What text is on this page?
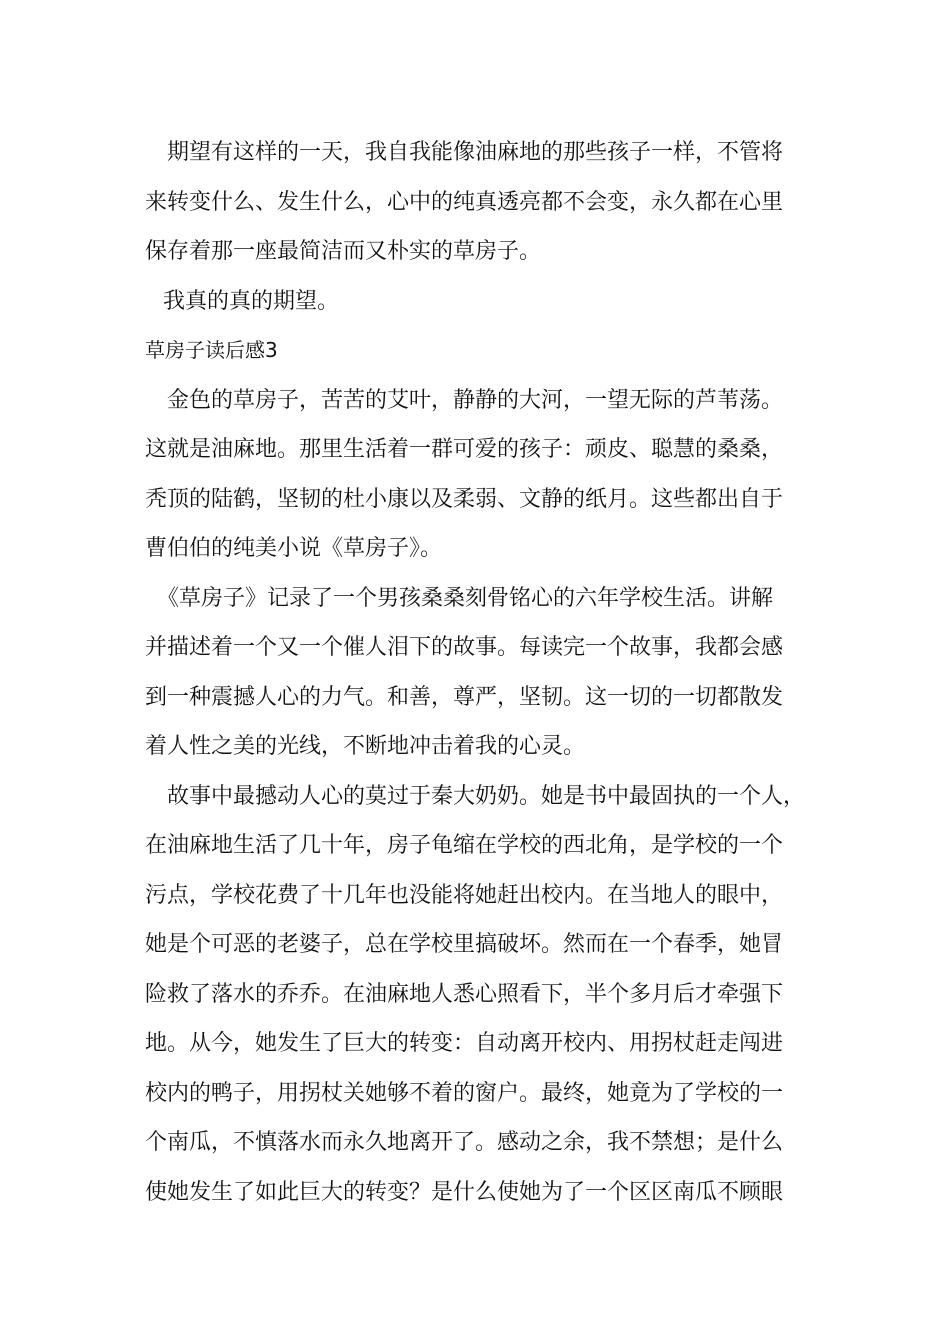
期望有这样的一天，我自我能像油麻地的那些孩子一样，不管将
来转变什么、发生什么，心中的纯真透亮都不会变，永久都在心里
保存着那一座最简洁而又朴实的草房子。

我真的真的期望。

草房子读后感3

金色的草房子，苦苦的艾叶，静静的大河，一望无际的芦苇荡。
这就是油麻地。那里生活着一群可爱的孩子：顽皮、聪慧的桑桑，
秃顶的陆鹤，坚韧的杜小康以及柔弱、文静的纸月。这些都出自于
曹伯伯的纯美小说《草房子》。

《草房子》记录了一个男孩桑桑刻骨铭心的六年学校生活。讲解
并描述着一个又一个催人泪下的故事。每读完一个故事，我都会感
到一种震撼人心的力气。和善，尊严，坚韧。这一切的一切都散发
着人性之美的光线，不断地冲击着我的心灵。

故事中最撼动人心的莫过于秦大奶奶。她是书中最固执的一个人，
在油麻地生活了几十年，房子龟缩在学校的西北角，是学校的一个
污点，学校花费了十几年也没能将她赶出校内。在当地人的眼中，
她是个可恶的老婆子，总在学校里搞破坏。然而在一个春季，她冒
险救了落水的乔乔。在油麻地人悉心照看下，半个多月后才牵强下
地。从今，她发生了巨大的转变：自动离开校内、用拐杖赶走闯进
校内的鸭子，用拐杖关她够不着的窗户。最终，她竟为了学校的一
个南瓜，不慎落水而永久地离开了。感动之余，我不禁想；是什么
使她发生了如此巨大的转变？是什么使她为了一个区区南瓜不顾眼
